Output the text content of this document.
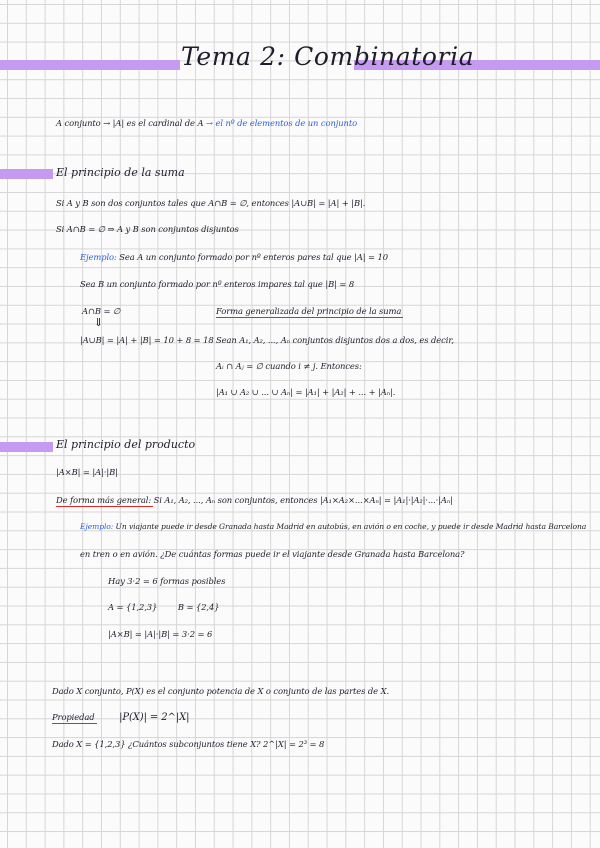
Tema 2: Combinatoria
A conjunto → |A| es el cardinal de A → el nº de elementos de un conjunto
El principio de la suma
Si A y B son dos conjuntos tales que A∩B = ∅, entonces |A∪B| = |A| + |B|.
Si A∩B = ∅ ⇒ A y B son conjuntos disjuntos
Ejemplo: Sea A un conjunto formado por nº enteros pares tal que |A| = 10
Sea B un conjunto formado por nº enteros impares tal que |B| = 8
A∩B = ∅
⇓
|A∪B| = |A| + |B| = 10 + 8 = 18
Forma generalizada del principio de la suma
Sean A₁, A₂, ..., Aₙ conjuntos disjuntos dos a dos, es decir,
Aᵢ ∩ Aⱼ = ∅ cuando i ≠ j. Entonces:
|A₁ ∪ A₂ ∪ ... ∪ Aₙ| = |A₁| + |A₂| + ... + |Aₙ|.
El principio del producto
|A×B| = |A|·|B|
De forma más general: Si A₁, A₂, ..., Aₙ son conjuntos, entonces |A₁×A₂×...×Aₙ| = |A₁|·|A₂|·...·|Aₙ|
Ejemplo: Un viajante puede ir desde Granada hasta Madrid en autobús, en avión o en coche, y puede ir desde Madrid hasta Barcelona
en tren o en avión. ¿De cuántas formas puede ir el viajante desde Granada hasta Barcelona?
Hay 3·2 = 6 formas posibles
A = {1,2,3} B = {2,4}
|A×B| = |A|·|B| = 3·2 = 6
Dado X conjunto, P(X) es el conjunto potencia de X o conjunto de las partes de X.
Propiedad |P(X)| = 2^|X|
Dado X = {1,2,3} ¿Cuántos subconjuntos tiene X? 2^|X| = 2³ = 8
